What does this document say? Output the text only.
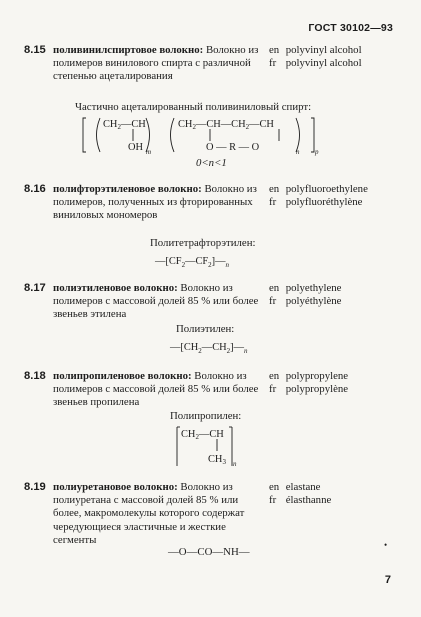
ГОСТ 30102—93
8.15 поливинилспиртовое волокно: Волокно из полимеров винилового спирта с различной степенью ацеталирования
en polyvinyl alcohol
fr polyvinyl alcohol
Частично ацеталированный поливиниловый спирт:
CH2—CH
OH m
CH2—CH—CH2—CH
O — R — O	n p
0<n<1
8.16 полифторэтиленовое волокно: Волокно из полимеров, полученных из фторированных виниловых мономеров
en polyfluoroethylene
fr polyfluoréthylène
Политетрафторэтилен:
$—[CF_2—CF_2]—_n$
8.17 полиэтиленовое волокно: Волокно из полимеров с массовой долей 85 % или более звеньев этилена
en polyethylene
fr polyéthylène
Полиэтилен:
$—[CH_2—CH_2]—_n$
8.18 полипропиленовое волокно: Волокно из полимеров с массовой долей 85 % или более звеньев пропилена
en polypropylene
fr polypropylène
Полипропилен:
CH2—CH
CH3 n
8.19 полиуретановое волокно: Волокно из полиуретана с массовой долей 85 % или более, макромолекулы которого содержат чередующиеся эластичные и жесткие сегменты
en elastane
fr élasthanne
—O—CO—NH—
•
7
